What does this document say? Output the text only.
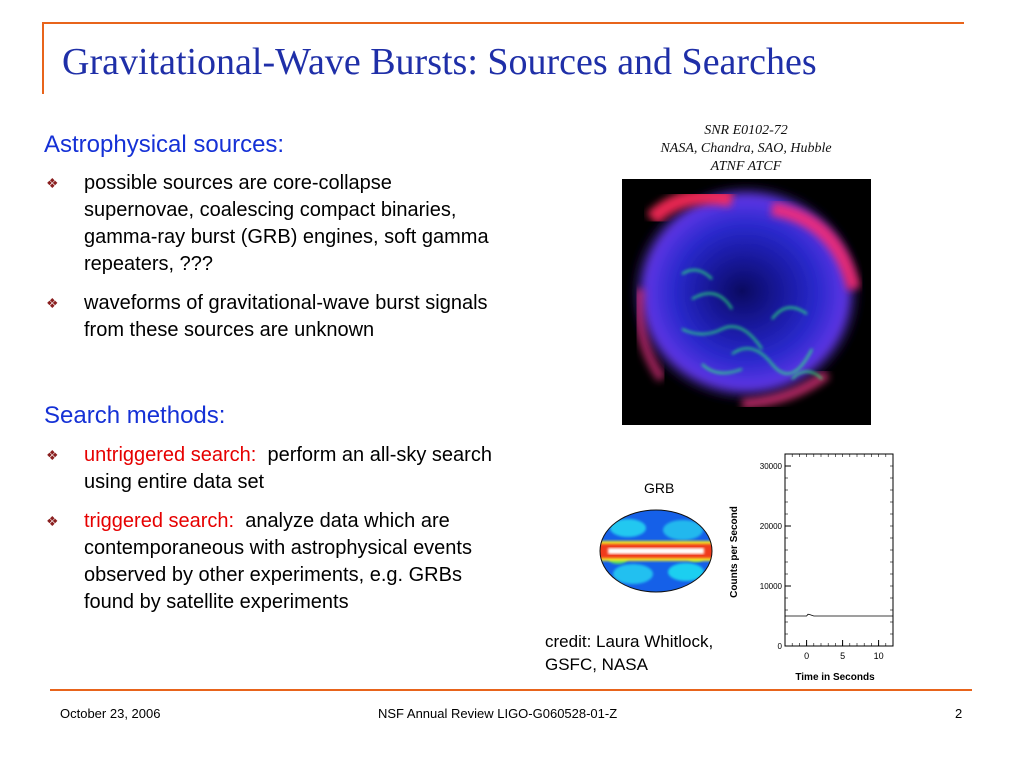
Gravitational-Wave Bursts: Sources and Searches
Astrophysical sources:
❖	possible sources are core-collapse supernovae, coalescing compact binaries, gamma-ray burst (GRB) engines, soft gamma repeaters, ???
❖	waveforms of gravitational-wave burst signals from these sources are unknown
Search methods:
❖	untriggered search:  perform an all-sky search using entire data set
❖	triggered search:  analyze data which are contemporaneous with astrophysical events observed by other experiments, e.g. GRBs found by satellite experiments
SNR E0102-72
NASA, Chandra, SAO, Hubble
ATNF ATCF
GRB
Counts per Second
Time in Seconds
0
10000
20000
30000
0	5	10
credit: Laura Whitlock,
GSFC, NASA
October 23, 2006	NSF Annual Review LIGO-G060528-01-Z	2
